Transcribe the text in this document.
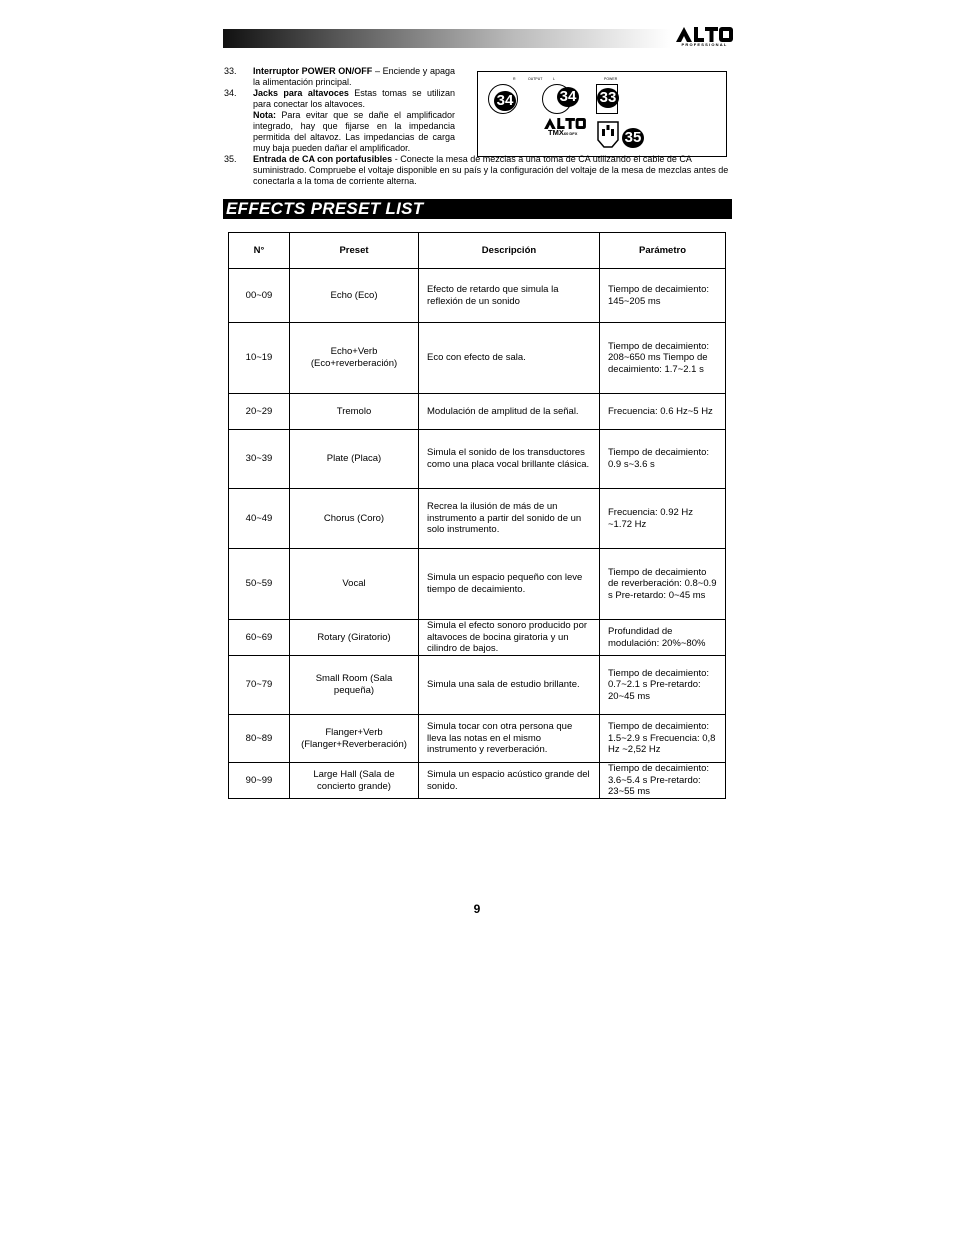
PROFESSIONAL
33.	Interruptor POWER ON/OFF – Enciende y apaga la alimentación principal.
34.	Jacks para altavoces Estas tomas se utilizan para conectar los altavoces.
Nota: Para evitar que se dañe el amplificador integrado, hay que fijarse en la impedancia permitida del altavoz. Las impedancias de carga muy baja pueden dañar el amplificador.
35.	Entrada de CA con portafusibles - Conecte la mesa de mezclas a una toma de CA utilizando el cable de CA suministrado. Compruebe el voltaje disponible en su país y la configuración del voltaje de la mesa de mezclas antes de conectarla a la toma de corriente alterna.
R	OUTPUT	L	POWER
34	34 33
TMX60 DFX	35
EFFECTS PRESET LIST
N°	Preset	Descripción	Parámetro
00~09	Echo (Eco)	Efecto de retardo que simula la reflexión de un sonido	Tiempo de decaimiento: 145~205 ms
10~19	Echo+Verb (Eco+reverberación)	Eco con efecto de sala.	Tiempo de decaimiento: 208~650 ms Tiempo de decaimiento: 1.7~2.1 s
20~29	Tremolo	Modulación de amplitud de la señal.	Frecuencia: 0.6 Hz~5 Hz
30~39	Plate (Placa)	Simula el sonido de los transductores como una placa vocal brillante clásica.	Tiempo de decaimiento: 0.9 s~3.6 s
40~49	Chorus (Coro)	Recrea la ilusión de más de un instrumento a partir del sonido de un solo instrumento.	Frecuencia: 0.92 Hz ~1.72 Hz
50~59	Vocal	Simula un espacio pequeño con leve tiempo de decaimiento.	Tiempo de decaimiento de reverberación: 0.8~0.9 s Pre-retardo: 0~45 ms
60~69	Rotary (Giratorio)	Simula el efecto sonoro producido por altavoces de bocina giratoria y un cilindro de bajos.	Profundidad de modulación: 20%~80%
70~79	Small Room (Sala pequeña)	Simula una sala de estudio brillante.	Tiempo de decaimiento: 0.7~2.1 s Pre-retardo: 20~45 ms
80~89	Flanger+Verb (Flanger+Reverberación)	Simula tocar con otra persona que lleva las notas en el mismo instrumento y reverberación.	Tiempo de decaimiento: 1.5~2.9 s Frecuencia: 0,8 Hz ~2,52 Hz
90~99	Large Hall (Sala de concierto grande)	Simula un espacio acústico grande del sonido.	Tiempo de decaimiento: 3.6~5.4 s Pre-retardo: 23~55 ms
9
